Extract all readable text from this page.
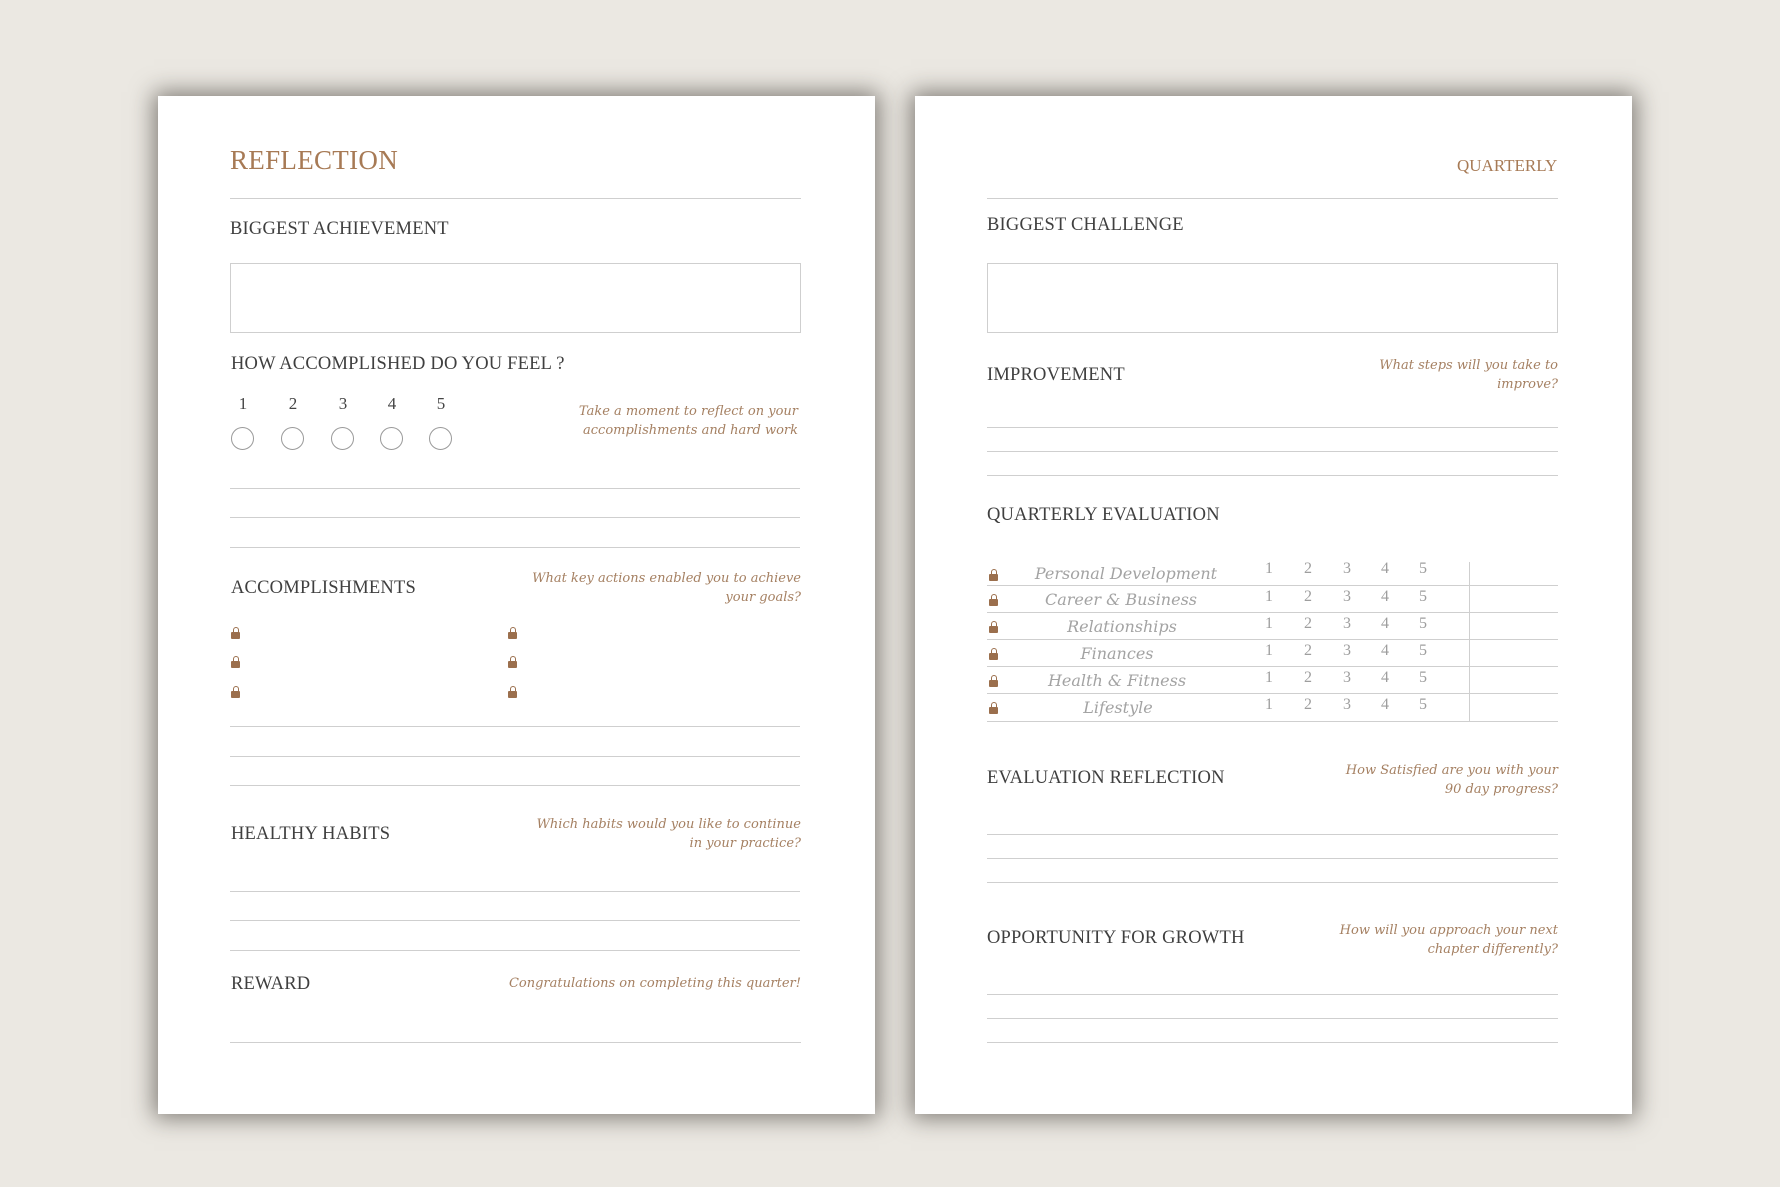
REFLECTION
BIGGEST ACHIEVEMENT
HOW ACCOMPLISHED DO YOU FEEL ?
1	2	3	4	5	Take a moment to reflect on your
accomplishments and hard work
ACCOMPLISHMENTS	What key actions enabled you to achieve
your goals?
HEALTHY HABITS	Which habits would you like to continue
in your practice?
REWARD	Congratulations on completing this quarter!
QUARTERLY
BIGGEST CHALLENGE
IMPROVEMENT	What steps will you take to
improve?
QUARTERLY EVALUATION
Personal Development	1 2 3 4 5
Career & Business	1 2 3 4 5
Relationships	1 2 3 4 5
Finances	1 2 3 4 5
Health & Fitness	1 2 3 4 5
Lifestyle	1 2 3 4 5
EVALUATION REFLECTION	How Satisfied are you with your
90 day progress?
OPPORTUNITY FOR GROWTH	How will you approach your next
chapter differently?
